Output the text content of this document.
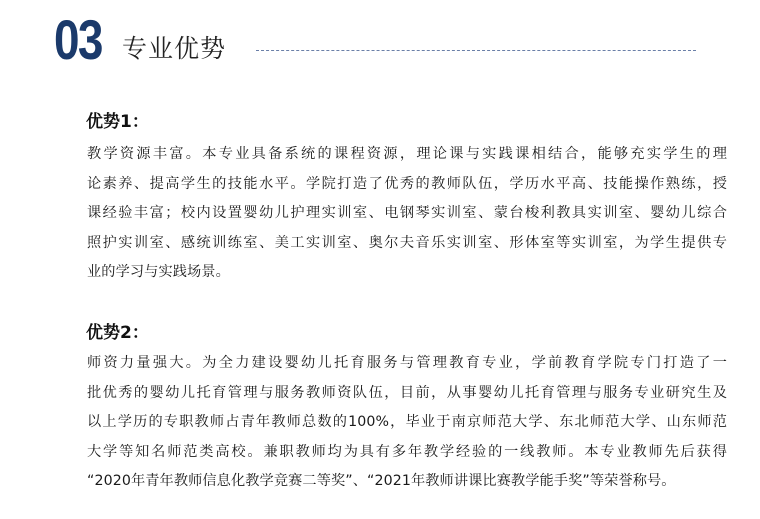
03 专业优势
优势1：
教学资源丰富。本专业具备系统的课程资源，理论课与实践课相结合，能够充实学生的理
论素养、提高学生的技能水平。学院打造了优秀的教师队伍，学历水平高、技能操作熟练，授
课经验丰富；校内设置婴幼儿护理实训室、电钢琴实训室、蒙台梭利教具实训室、婴幼儿综合
照护实训室、感统训练室、美工实训室、奥尔夫音乐实训室、形体室等实训室，为学生提供专
业的学习与实践场景。
优势2：
师资力量强大。为全力建设婴幼儿托育服务与管理教育专业，学前教育学院专门打造了一
批优秀的婴幼儿托育管理与服务教师资队伍，目前，从事婴幼儿托育管理与服务专业研究生及
以上学历的专职教师占青年教师总数的100%，毕业于南京师范大学、东北师范大学、山东师范
大学等知名师范类高校。兼职教师均为具有多年教学经验的一线教师。本专业教师先后获得
“2020年青年教师信息化教学竞赛二等奖”、“2021年教师讲课比赛教学能手奖”等荣誉称号。
